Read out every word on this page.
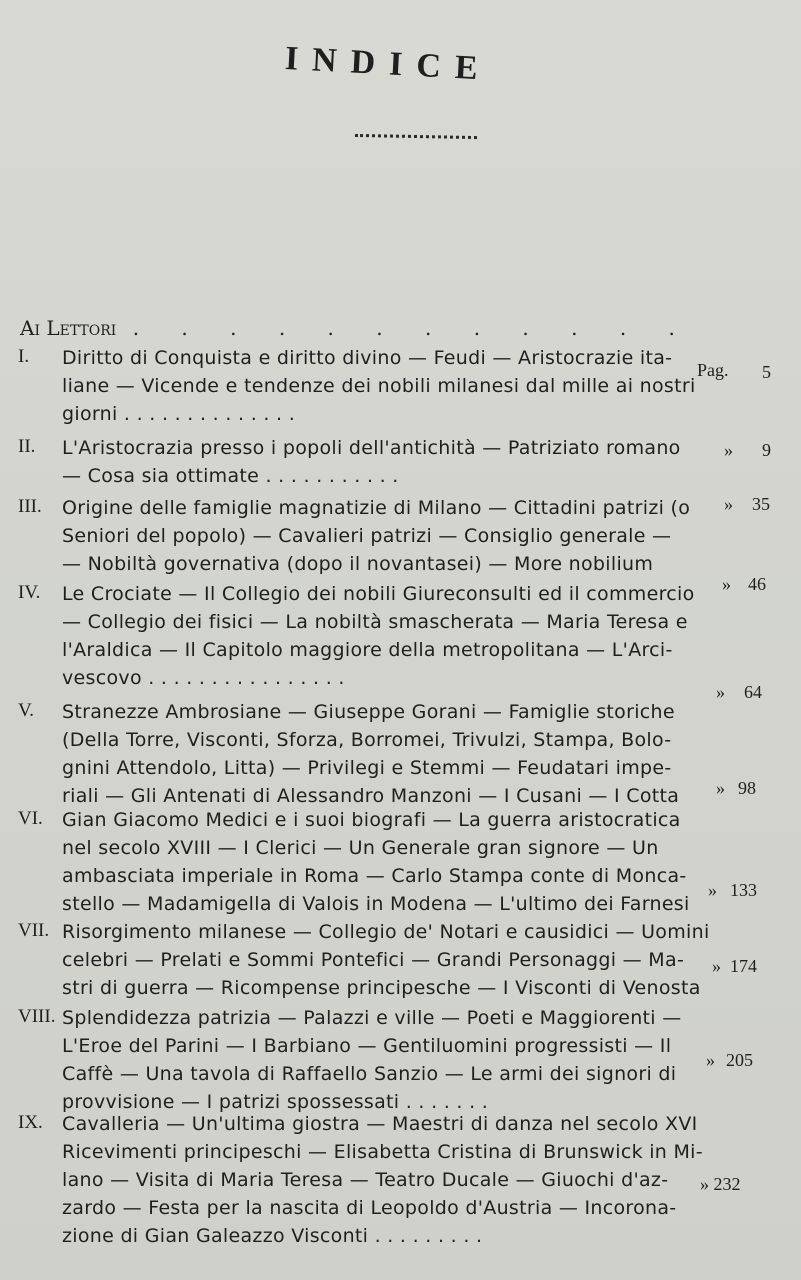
INDICE
Ai Lettori . . . . . . . . . . . .
I. Diritto di Conquista e diritto divino — Feudi — Aristocrazie ita-
liane — Vicende e tendenze dei nobili milanesi dal mille ai nostri
giorni . . . . . . . . . . . . . .
Pag. 5
II. L'Aristocrazia presso i popoli dell'antichità — Patriziato romano
— Cosa sia ottimate . . . . . . . . . . .
» 9
III. Origine delle famiglie magnatizie di Milano — Cittadini patrizi (o
Seniori del popolo) — Cavalieri patrizi — Consiglio generale —
— Nobiltà governativa (dopo il novantasei) — More nobilium
» 35
IV. Le Crociate — Il Collegio dei nobili Giureconsulti ed il commercio
— Collegio dei fisici — La nobiltà smascherata — Maria Teresa e
l'Araldica — Il Capitolo maggiore della metropolitana — L'Arci-
vescovo . . . . . . . . . . . . . . . .
» 46
V. Stranezze Ambrosiane — Giuseppe Gorani — Famiglie storiche
(Della Torre, Visconti, Sforza, Borromei, Trivulzi, Stampa, Bolo-
gnini Attendolo, Litta) — Privilegi e Stemmi — Feudatari impe-
riali — Gli Antenati di Alessandro Manzoni — I Cusani — I Cotta
» 64
VI. Gian Giacomo Medici e i suoi biografi — La guerra aristocratica
nel secolo XVIII — I Clerici — Un Generale gran signore — Un
ambasciata imperiale in Roma — Carlo Stampa conte di Monca-
stello — Madamigella di Valois in Modena — L'ultimo dei Farnesi
» 98
VII. Risorgimento milanese — Collegio de' Notari e causidici — Uomini
celebri — Prelati e Sommi Pontefici — Grandi Personaggi — Ma-
stri di guerra — Ricompense principesche — I Visconti di Venosta
» 133
VIII. Splendidezza patrizia — Palazzi e ville — Poeti e Maggiorenti —
L'Eroe del Parini — I Barbiano — Gentiluomini progressisti — Il
Caffè — Una tavola di Raffaello Sanzio — Le armi dei signori di
provvisione — I patrizi spossessati . . . . . . .
» 174
IX. Cavalleria — Un'ultima giostra — Maestri di danza nel secolo XVI
Ricevimenti principeschi — Elisabetta Cristina di Brunswick in Mi-
lano — Visita di Maria Teresa — Teatro Ducale — Giuochi d'az-
zardo — Festa per la nascita di Leopoldo d'Austria — Incorona-
zione di Gian Galeazzo Visconti . . . . . . . . .
» 205
» 232
